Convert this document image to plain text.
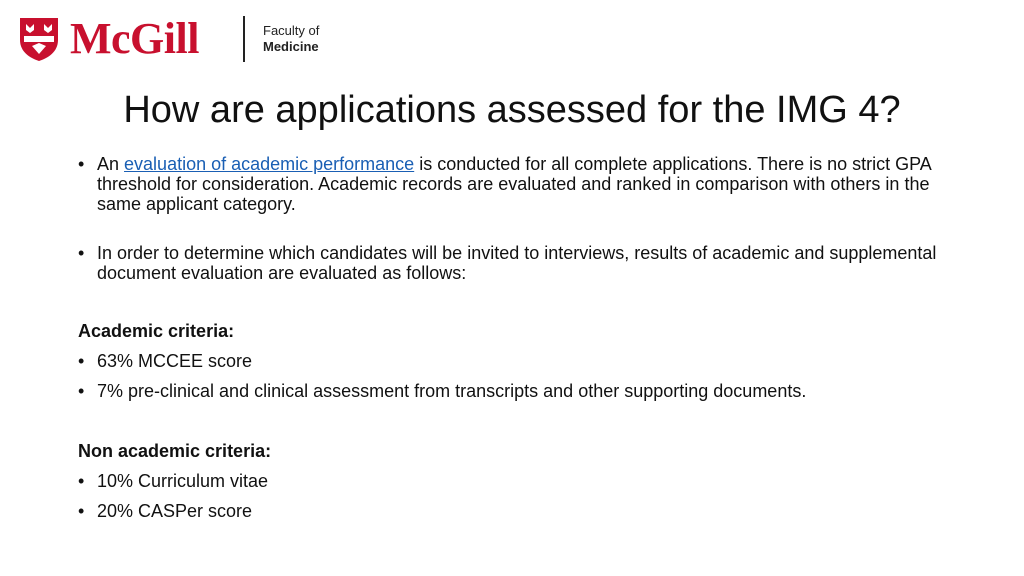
McGill	Faculty of
Medicine
How are applications assessed for the IMG 4?
• An evaluation of academic performance is conducted for all complete applications. There is no strict GPA threshold for consideration. Academic records are evaluated and ranked in comparison with others in the same applicant category.
• In order to determine which candidates will be invited to interviews, results of academic and supplemental document evaluation are evaluated as follows:
Academic criteria:
• 63% MCCEE score
• 7% pre-clinical and clinical assessment from transcripts and other supporting documents.
Non academic criteria:
• 10% Curriculum vitae
• 20% CASPer score
